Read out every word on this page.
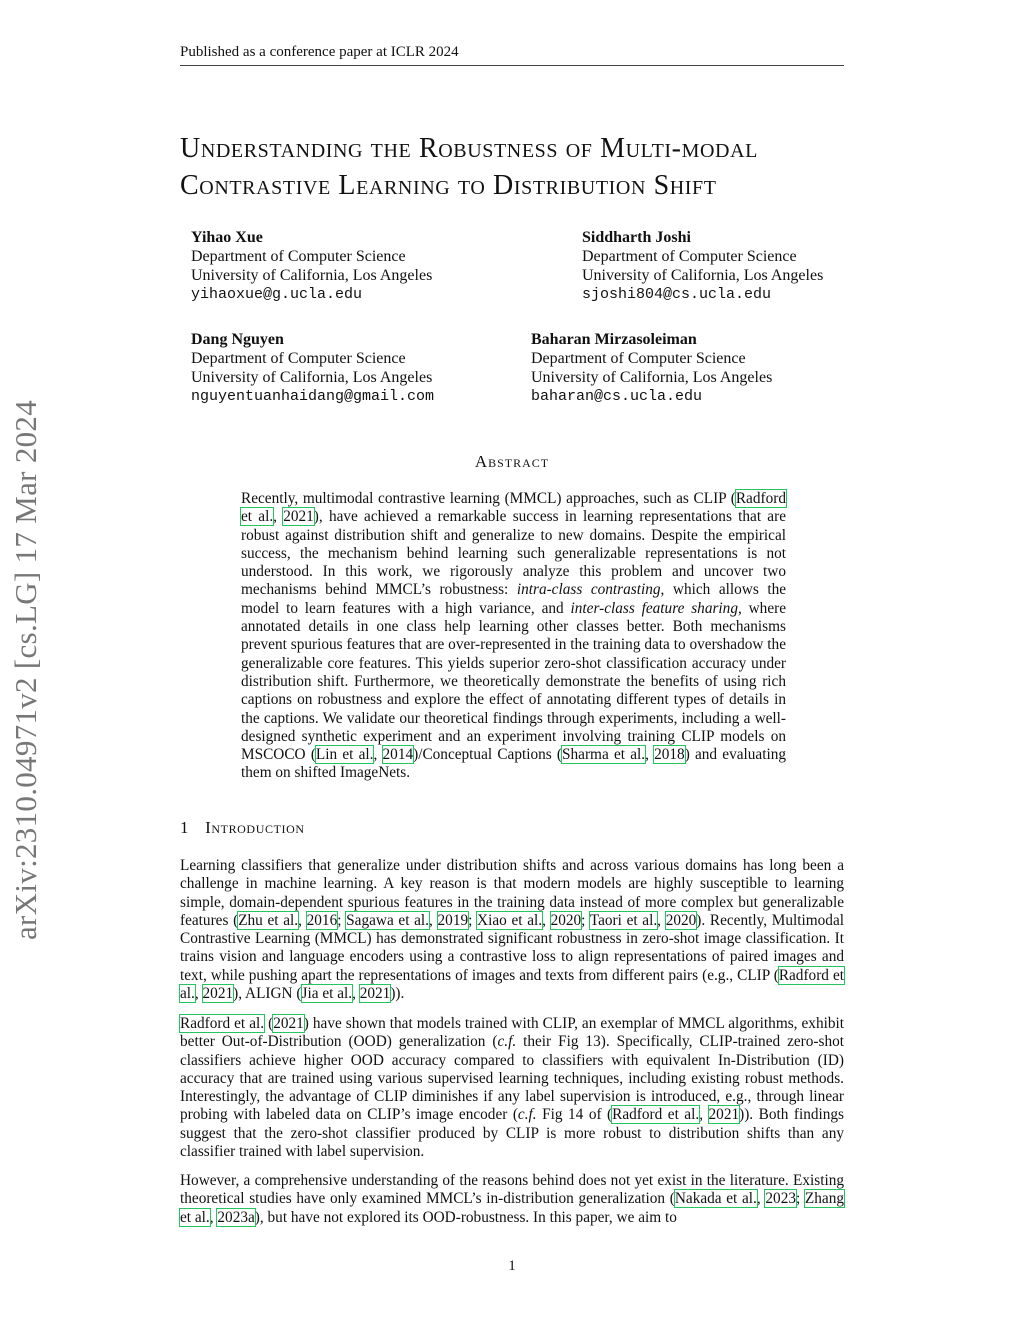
Published as a conference paper at ICLR 2024
Understanding the Robustness of Multi-modal
Contrastive Learning to Distribution Shift
Yihao Xue
Department of Computer Science
University of California, Los Angeles
yihaoxue@g.ucla.edu
Siddharth Joshi
Department of Computer Science
University of California, Los Angeles
sjoshi804@cs.ucla.edu
Dang Nguyen
Department of Computer Science
University of California, Los Angeles
nguyentuanhaidang@gmail.com
Baharan Mirzasoleiman
Department of Computer Science
University of California, Los Angeles
baharan@cs.ucla.edu
arXiv:2310.04971v2 [cs.LG] 17 Mar 2024	Abstract
Recently, multimodal contrastive learning (MMCL) approaches, such as CLIP (Radford et al., 2021), have achieved a remarkable success in learning representations that are robust against distribution shift and generalize to new domains. Despite the empirical success, the mechanism behind learning such generalizable representations is not understood. In this work, we rigorously analyze this problem and uncover two mechanisms behind MMCL’s robustness: intra-class contrasting, which allows the model to learn features with a high variance, and inter-class feature sharing, where annotated details in one class help learning other classes better. Both mechanisms prevent spurious features that are over-represented in the training data to overshadow the generalizable core features. This yields superior zero-shot classification accuracy under distribution shift. Furthermore, we theoretically demonstrate the benefits of using rich captions on robustness and explore the effect of annotating different types of details in the captions. We validate our theoretical findings through experiments, including a well-designed synthetic experiment and an experiment involving training CLIP models on MSCOCO (Lin et al., 2014)/Conceptual Captions (Sharma et al., 2018) and evaluating them on shifted ImageNets.
1 Introduction
Learning classifiers that generalize under distribution shifts and across various domains has long been a challenge in machine learning. A key reason is that modern models are highly susceptible to learning simple, domain-dependent spurious features in the training data instead of more complex but generalizable features (Zhu et al., 2016; Sagawa et al., 2019; Xiao et al., 2020; Taori et al., 2020). Recently, Multimodal Contrastive Learning (MMCL) has demonstrated significant robustness in zero-shot image classification. It trains vision and language encoders using a contrastive loss to align representations of paired images and text, while pushing apart the representations of images and texts from different pairs (e.g., CLIP (Radford et al., 2021), ALIGN (Jia et al., 2021)).
Radford et al. (2021) have shown that models trained with CLIP, an exemplar of MMCL algorithms, exhibit better Out-of-Distribution (OOD) generalization (c.f. their Fig 13). Specifically, CLIP-trained zero-shot classifiers achieve higher OOD accuracy compared to classifiers with equivalent In-Distribution (ID) accuracy that are trained using various supervised learning techniques, including existing robust methods. Interestingly, the advantage of CLIP diminishes if any label supervision is introduced, e.g., through linear probing with labeled data on CLIP’s image encoder (c.f. Fig 14 of (Radford et al., 2021)). Both findings suggest that the zero-shot classifier produced by CLIP is more robust to distribution shifts than any classifier trained with label supervision.
However, a comprehensive understanding of the reasons behind does not yet exist in the literature. Existing theoretical studies have only examined MMCL’s in-distribution generalization (Nakada et al., 2023; Zhang et al., 2023a), but have not explored its OOD-robustness. In this paper, we aim to
1
